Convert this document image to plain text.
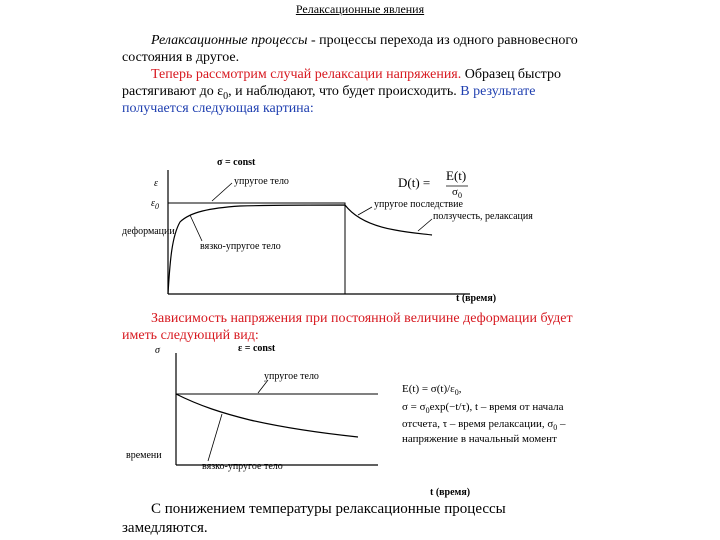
Релаксационные явления
Релаксационные процессы - процессы перехода из одного равновесного
состояния в другое.
Теперь рассмотрим случай релаксации напряжения. Образец быстро
растягивают до $\varepsilon_0$, и наблюдают, что будет происходить. В результате
получается следующая картина:
σ = const
ε
$\varepsilon_0$
деформации
упругое тело
вязко-упругое тело
упругое последствие
ползучесть, релаксация
t (время)
D(t) = E(t)
$\sigma_0$
Зависимость напряжения при постоянной величине деформации будет
иметь следующий вид:
σ	ε = const
упругое тело
времени
вязко-упругое тело
t (время)
$E(t) = \sigma(t)/\varepsilon_0$,
$\sigma = \sigma_0\exp(-t/\tau)$, t – время от начала
отсчета, τ – время релаксации, $\sigma_0$ –
напряжение в начальный момент
С понижением температуры релаксационные процессы
замедляются.
